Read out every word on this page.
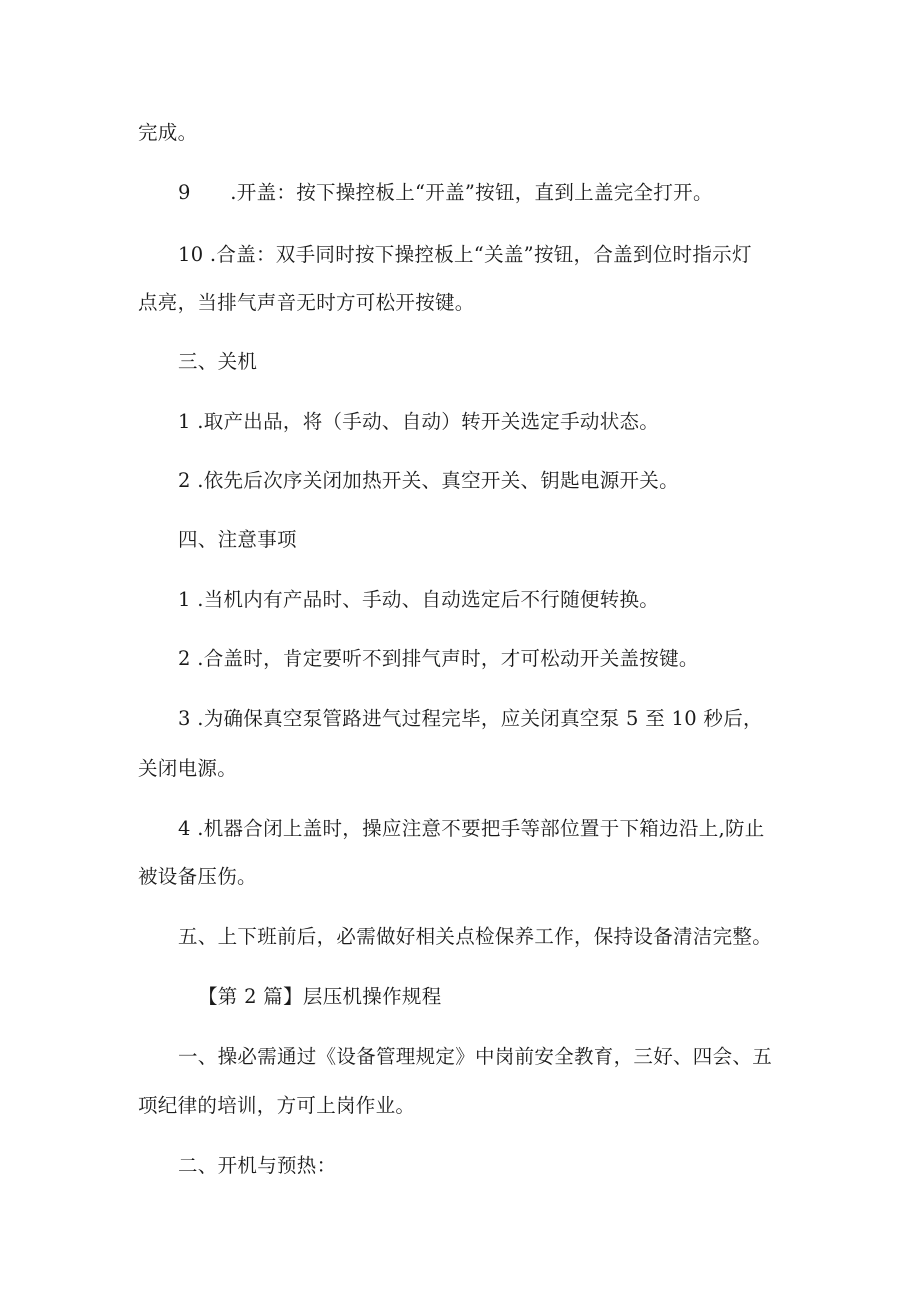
完成。
9　　.开盖：按下操控板上“开盖”按钮，直到上盖完全打开。
10 .合盖：双手同时按下操控板上“关盖”按钮，合盖到位时指示灯
点亮，当排气声音无时方可松开按键。
三、关机
1 .取产出品，将（手动、自动）转开关选定手动状态。
2 .依先后次序关闭加热开关、真空开关、钥匙电源开关。
四、注意事项
1 .当机内有产品时、手动、自动选定后不行随便转换。
2 .合盖时，肯定要听不到排气声时，才可松动开关盖按键。
3 .为确保真空泵管路进气过程完毕，应关闭真空泵 5 至 10 秒后，
关闭电源。
4 .机器合闭上盖时，操应注意不要把手等部位置于下箱边沿上,防止
被设备压伤。
五、上下班前后，必需做好相关点检保养工作，保持设备清洁完整。
【第 2 篇】层压机操作规程
一、操必需通过《设备管理规定》中岗前安全教育，三好、四会、五
项纪律的培训，方可上岗作业。
二、开机与预热：
